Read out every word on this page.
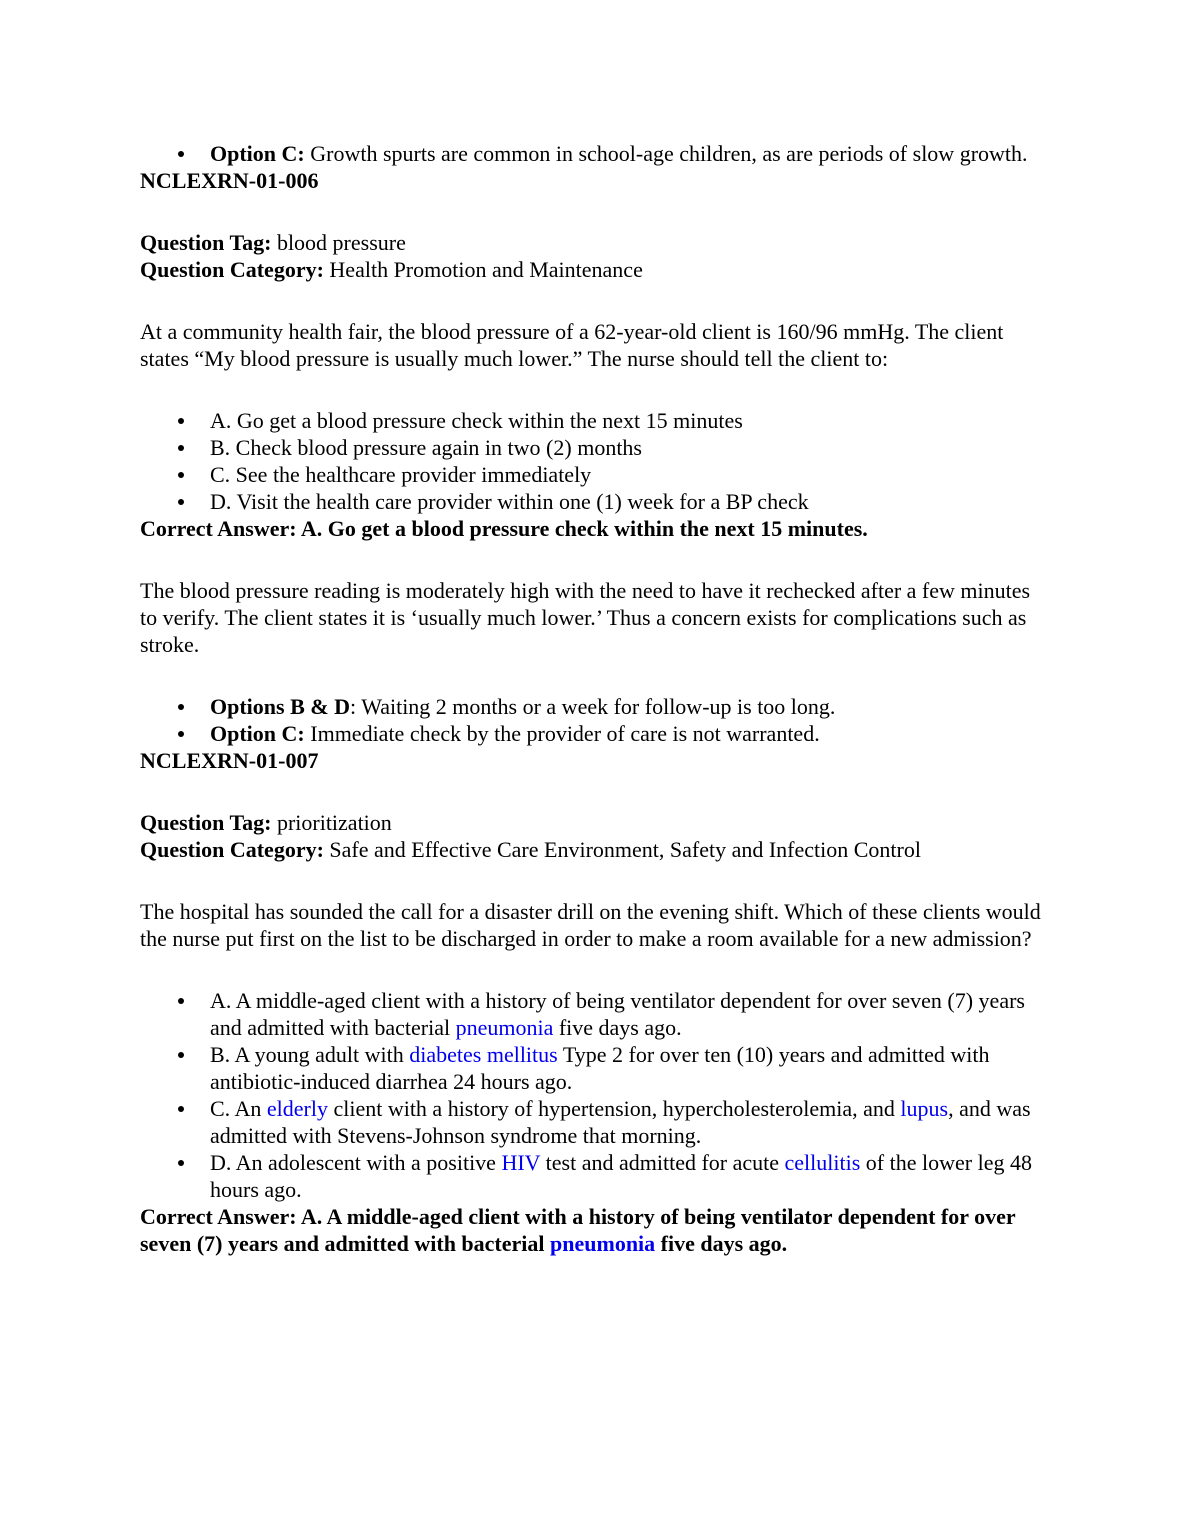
Option C: Growth spurts are common in school-age children, as are periods of slow growth.

NCLEXRN-01-006

Question Tag: blood pressure

Question Category: Health Promotion and Maintenance

At a community health fair, the blood pressure of a 62-year-old client is 160/96 mmHg. The client states “My blood pressure is usually much lower.” The nurse should tell the client to:

A. Go get a blood pressure check within the next 15 minutes
B. Check blood pressure again in two (2) months
C. See the healthcare provider immediately
D. Visit the health care provider within one (1) week for a BP check

Correct Answer: A. Go get a blood pressure check within the next 15 minutes.

The blood pressure reading is moderately high with the need to have it rechecked after a few minutes to verify. The client states it is ‘usually much lower.’ Thus a concern exists for complications such as stroke.

Options B & D: Waiting 2 months or a week for follow-up is too long.
Option C: Immediate check by the provider of care is not warranted.

NCLEXRN-01-007

Question Tag: prioritization

Question Category: Safe and Effective Care Environment, Safety and Infection Control

The hospital has sounded the call for a disaster drill on the evening shift. Which of these clients would the nurse put first on the list to be discharged in order to make a room available for a new admission?

A. A middle-aged client with a history of being ventilator dependent for over seven (7) years and admitted with bacterial pneumonia five days ago.
B. A young adult with diabetes mellitus Type 2 for over ten (10) years and admitted with antibiotic-induced diarrhea 24 hours ago.
C. An elderly client with a history of hypertension, hypercholesterolemia, and lupus, and was admitted with Stevens-Johnson syndrome that morning.
D. An adolescent with a positive HIV test and admitted for acute cellulitis of the lower leg 48 hours ago.

Correct Answer: A. A middle-aged client with a history of being ventilator dependent for over seven (7) years and admitted with bacterial pneumonia five days ago.
